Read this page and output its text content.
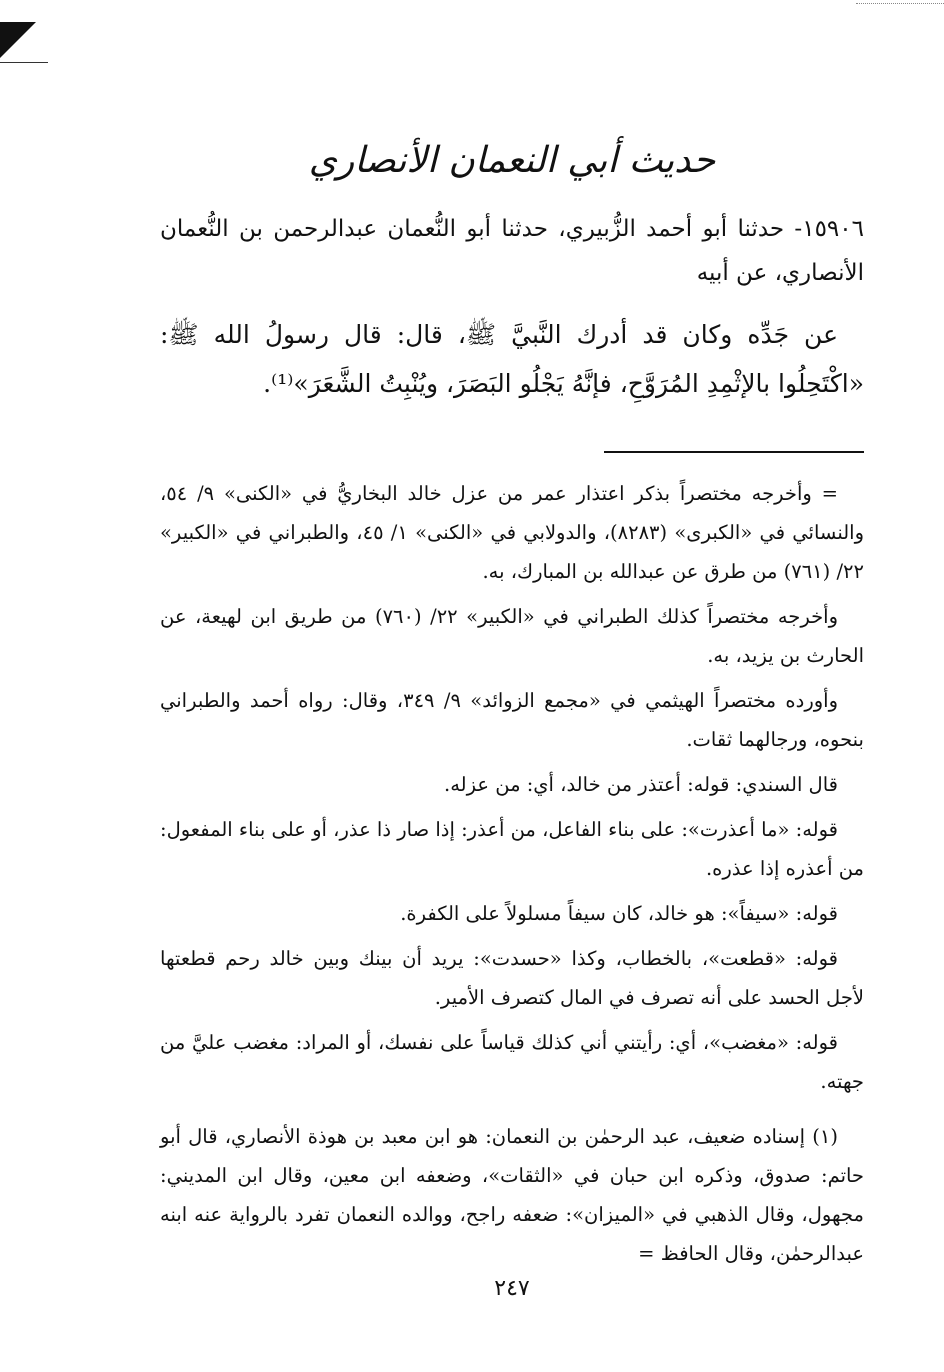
حديث أبي النعمان الأنصاري
١٥٩٠٦- حدثنا أبو أحمد الزُّبيري، حدثنا أبو النُّعمان عبدالرحمن بن النُّعمان الأنصاري، عن أبيه
عن جَدِّه وكان قد أدرك النَّبيَّ ﷺ، قال: قال رسولُ الله ﷺ: «اكْتَحِلُوا بالإثْمِدِ المُرَوَّحِ، فإنَّهُ يَجْلُو البَصَرَ، ويُنْبِتُ الشَّعَرَ»⁽¹⁾.

= وأخرجه مختصراً بذكر اعتذار عمر من عزل خالد البخاريُّ في «الكنى» ٩/ ٥٤، والنسائي في «الكبرى» (٨٢٨٣)، والدولابي في «الكنى» ١/ ٤٥، والطبراني في «الكبير» ٢٢/ (٧٦١) من طرق عن عبدالله بن المبارك، به.

وأخرجه مختصراً كذلك الطبراني في «الكبير» ٢٢/ (٧٦٠) من طريق ابن لهيعة، عن الحارث بن يزيد، به.

وأورده مختصراً الهيثمي في «مجمع الزوائد» ٩/ ٣٤٩، وقال: رواه أحمد والطبراني بنحوه، ورجالهما ثقات.

قال السندي: قوله: أعتذر من خالد، أي: من عزله.

قوله: «ما أعذرت»: على بناء الفاعل، من أعذر: إذا صار ذا عذر، أو على بناء المفعول: من أعذره إذا عذره.

قوله: «سيفاً»: هو خالد، كان سيفاً مسلولاً على الكفرة.

قوله: «قطعت»، بالخطاب، وكذا «حسدت»: يريد أن بينك وبين خالد رحم قطعتها لأجل الحسد على أنه تصرف في المال كتصرف الأمير.

قوله: «مغضب»، أي: رأيتني أني كذلك قياساً على نفسك، أو المراد: مغضب عليَّ من جهته.

(١) إسناده ضعيف، عبد الرحمٰن بن النعمان: هو ابن معبد بن هوذة الأنصاري، قال أبو حاتم: صدوق، وذكره ابن حبان في «الثقات»، وضعفه ابن معين، وقال ابن المديني: مجهول، وقال الذهبي في «الميزان»: ضعفه راجح، ووالده النعمان تفرد بالرواية عنه ابنه عبدالرحمٰن، وقال الحافظ =

٢٤٧
